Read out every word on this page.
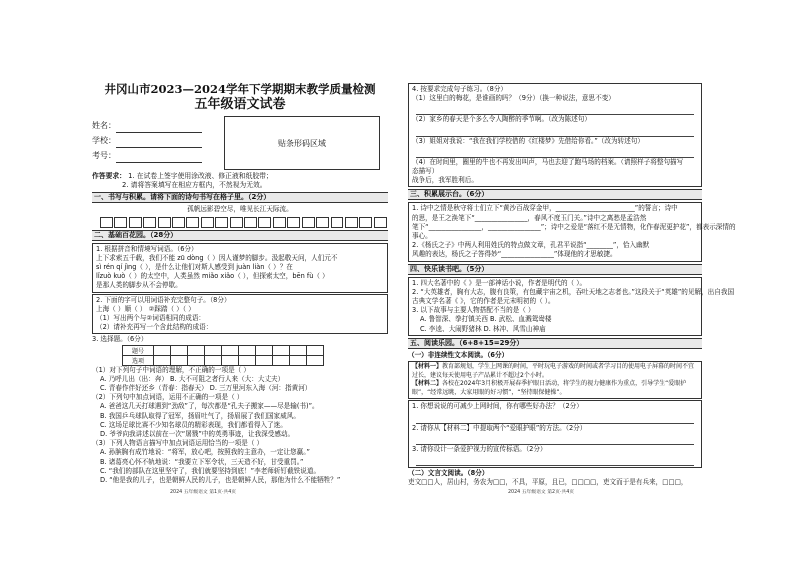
井冈山市2023—2024学年下学期期末教学质量检测
五年级语文试卷
姓名：
学校：
考号：
贴条形码区域
作答要求： 1. 在试卷上签字使用涂改液、修正液和纸胶带；
2. 请将答案填写在相应方框内，不然视为无效。
一、书写与积累。请将下面的诗句书写在格子里。（2分）
孤帆远影碧空尽，唯见长江天际流。
二、基础百花园。（28分）
1. 根据拼音和情境写词语。（6分）
上下求索五千载，我们不能 zū dòng（ ）因人谨梦的脚步。汲起敬天问，人们元不
sì rén qí jìng（ ），是什么让他们对斯人感受到 juàn liàn（ ）？在
lǐzuò kuò（ ）的太空中，人类虽然 miǎo xiǎo（ ），但探索太空，bēn fù（ ）
是那人类的脚步从不会停歇。
2. 下面的字可以用词语补充完整句子。（8分）
上海（ ）顺（ ） ②踩踏（ ）（ ）
（1）写出两个与②词语相同的成语：
（2）请补充再写一个含此结构的成语：
3. 选择题。（6分）
题号										
选项										
（1）对下列句子中词语的理解，不正确的一项是（ ）
A. 乃呼儿出（出：奔） B. 大不可阻之者行人来（大：大丈夫）
C. 青春作伴好还乡（青春：指春天） D. 三万里河东入海（河：指黄河）
（2）下列句中加点词语，运用不正确的一项是（ ）
A. 爸爸这几天打球遇到“劲敌”了，每次都是“孔夫子搬家——尽是输(书)”。
B. 我国乒乓球队取得了冠军，扬眉吐气了，扬眉展了我们国家威风。
C. 这场足球比赛不少知名球员的精彩表现，我们都看得入了迷。
D. 爷爷向我讲述以前在一次“屠戮”中的英勇事迹，让我深受感动。
（3）下列人物语言描写中加点词语运用恰当的一项是（ ）
A. 孙膑胸有成竹地说：“将军，放心吧，按照我的主意办，一定让您赢。”
B. 诸葛亮心怀不轨地说：“我要立下军令状，三天造不好，甘受重罚。”
C. “我们的部队在这里坚守了，我们就要坚持到底！”李老师斩钉截铁说道。
D. “他是我的儿子，也是朝鲜人民的儿子，也是朝鲜人民，那他为什么不能牺牲？”
2024 五年级语文 第1页·共4页
4. 按要求完成句子练习。（8分）
（1）这里白的梅花，是谁画的吗？（9分）（换一种说法，意思不变）
（2）家乡的春天是个多么令人陶醉的季节啊。（改为陈述句）
（3）姐姐对我说：“我在我们学校借的《红楼梦》先借给你看。”（改为转述句）
（4）在时间里，圈里的牛也不再发出叫声，马也去迎了跑马场的档案。（请照样子将整句描写
态描写）
战争后，我军胜利后。
三、积累展示台。（6分）
1. 诗中之情是秋守将士们立下“黄沙百战穿金甲，________________________”的誓言；诗中
的思，是王之涣笔下“________________，春风不度玉门关。”诗中之离愁是孟浩然
笔下“________________，________________”；诗中之爱是“落红不是无情物，化作春泥更护花”，都表示深情的
事心。
2.《杨氏之子》中两人利用姓氏的特点做文章，孔君平说指“________”，恰入幽默
风趣的表达，杨氏之子答得妙“________________”体现他的才思敏捷。
四、快乐读书吧。（5分）
1. 四大名著中的《 》是一部神话小说，作者是明代的（ ）。
2. “大英雄者，胸有大志，腹有良策，有包藏宇宙之机，吞吐天地之志者也。”这段关于“英雄”的见解，出自我国
古典文学名著《 》，它的作者是元末明初的（ ）。
3. 以下故事与主要人物搭配不当的是（ ）
A. 鲁智深、拳打镇关西 B. 武松、血溅鸳鸯楼
C. 李逵、大闹野猪林 D. 林冲、风雪山神庙
五、阅读乐园。（6+8+15=29分）
（一）非连续性文本阅读。（6分）
【材料一】教育部规划，学生上网课的时间，平时玩电子游戏的时间或者学习目的使用电子屏幕的时间不宜过长，建议每天使用电子产品累计不超过2个小时。
【材料二】各校在2024年3月积极开展春季护眼日活动，将学生的视力健康作为重点，引导学生“爱眼护眼”，“经常远眺，大家用眼的好习惯”，“坚持眼保健操”。
1. 你想说说的可减少上网时间，你有哪些好办法？（2分）
2. 请你从【材料二】中提取两个“爱眼护眼”的方法。（2分）
3. 请你设计一条爱护视力的宣传标语。（2分）
（二）文言文阅读。（8分）
吏文□□人，居山村，务农为□□，不具，平原，且已，□□□□，吏文而于是有兵来，□□□，
2024 五年级语文 第2页·共4页
